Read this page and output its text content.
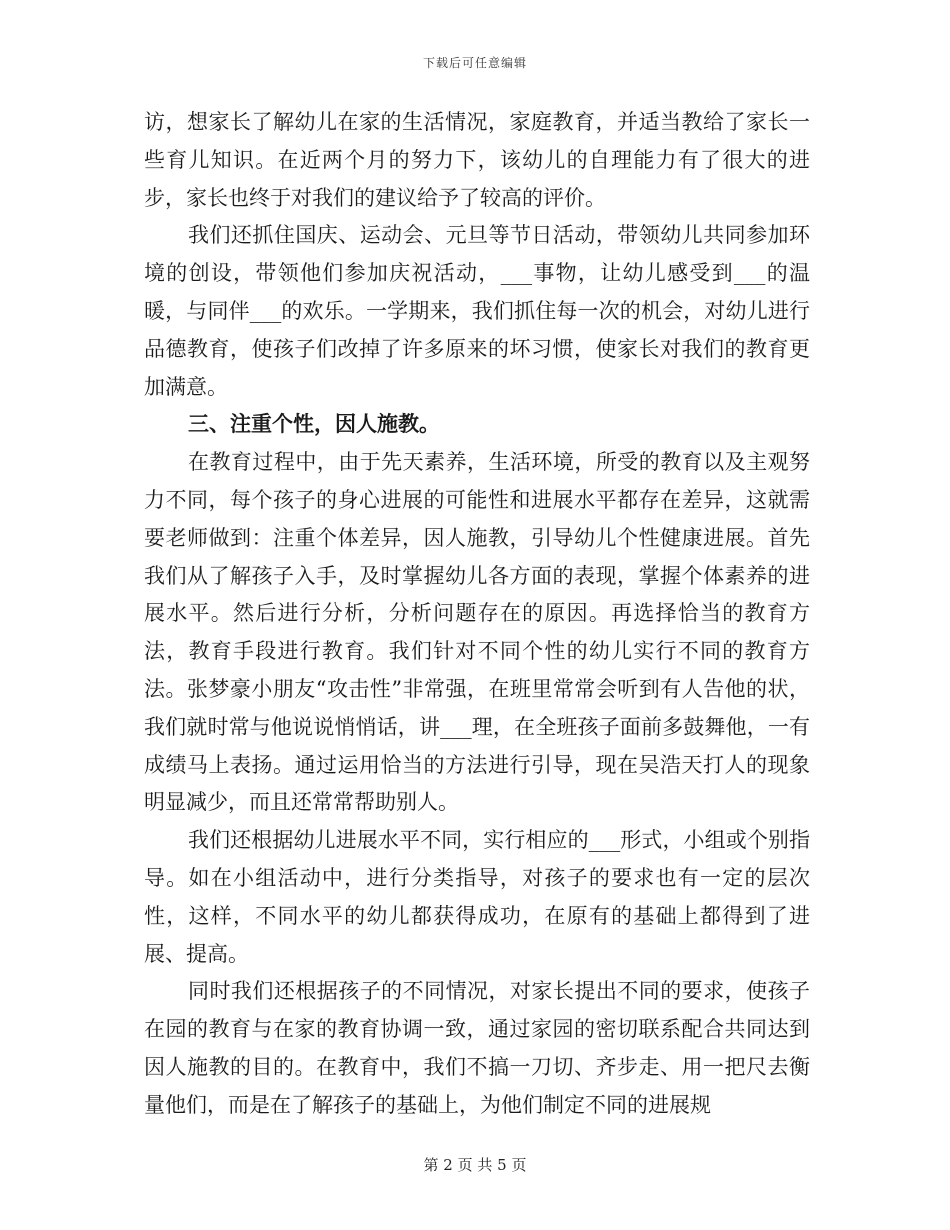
下载后可任意编辑

访，想家长了解幼儿在家的生活情况，家庭教育，并适当教给了家长一些育儿知识。在近两个月的努力下，该幼儿的自理能力有了很大的进步，家长也终于对我们的建议给予了较高的评价。

我们还抓住国庆、运动会、元旦等节日活动，带领幼儿共同参加环境的创设，带领他们参加庆祝活动，___事物，让幼儿感受到___的温暖，与同伴___的欢乐。一学期来，我们抓住每一次的机会，对幼儿进行品德教育，使孩子们改掉了许多原来的坏习惯，使家长对我们的教育更加满意。

三、注重个性，因人施教。

在教育过程中，由于先天素养，生活环境，所受的教育以及主观努力不同，每个孩子的身心进展的可能性和进展水平都存在差异，这就需要老师做到：注重个体差异，因人施教，引导幼儿个性健康进展。首先我们从了解孩子入手，及时掌握幼儿各方面的表现，掌握个体素养的进展水平。然后进行分析，分析问题存在的原因。再选择恰当的教育方法，教育手段进行教育。我们针对不同个性的幼儿实行不同的教育方法。张梦豪小朋友“攻击性”非常强，在班里常常会听到有人告他的状，我们就时常与他说说悄悄话，讲___理，在全班孩子面前多鼓舞他，一有成绩马上表扬。通过运用恰当的方法进行引导，现在吴浩天打人的现象明显减少，而且还常常帮助别人。

我们还根据幼儿进展水平不同，实行相应的___形式，小组或个别指导。如在小组活动中，进行分类指导，对孩子的要求也有一定的层次性，这样，不同水平的幼儿都获得成功，在原有的基础上都得到了进展、提高。

同时我们还根据孩子的不同情况，对家长提出不同的要求，使孩子在园的教育与在家的教育协调一致，通过家园的密切联系配合共同达到因人施教的目的。在教育中，我们不搞一刀切、齐步走、用一把尺去衡量他们，而是在了解孩子的基础上，为他们制定不同的进展规

第 2 页 共 5 页
